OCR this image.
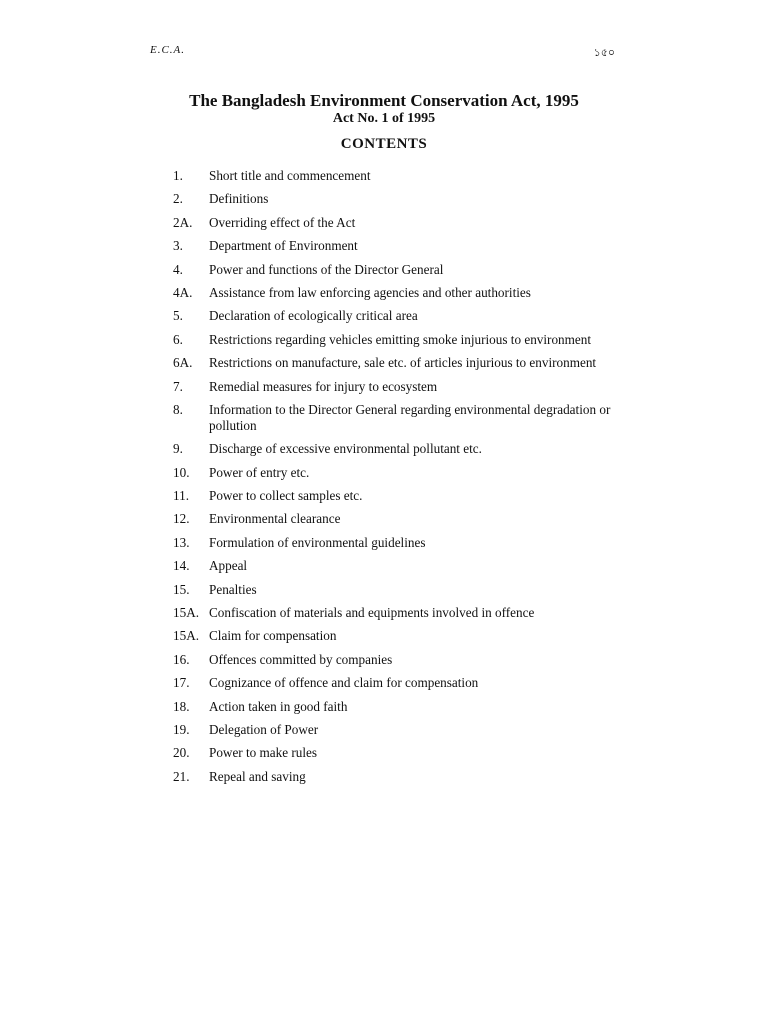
E.C.A.	১৫০
The Bangladesh Environment Conservation Act, 1995
Act No. 1 of 1995
CONTENTS
1.	Short title and commencement
2.	Definitions
2A.	Overriding effect of the Act
3.	Department of Environment
4.	Power and functions of the Director General
4A.	Assistance from law enforcing agencies and other authorities
5.	Declaration of ecologically critical area
6.	Restrictions regarding vehicles emitting smoke injurious to environment
6A.	Restrictions on manufacture, sale etc. of articles injurious to environment
7.	Remedial measures for injury to ecosystem
8.	Information to the Director General regarding environmental degradation or pollution
9.	Discharge of excessive environmental pollutant etc.
10.	Power of entry etc.
11.	Power to collect samples etc.
12.	Environmental clearance
13.	Formulation of environmental guidelines
14.	Appeal
15.	Penalties
15A. Confiscation of materials and equipments involved in offence
15A. Claim for compensation
16.	Offences committed by companies
17.	Cognizance of offence and claim for compensation
18.	Action taken in good faith
19.	Delegation of Power
20.	Power to make rules
21.	Repeal and saving
